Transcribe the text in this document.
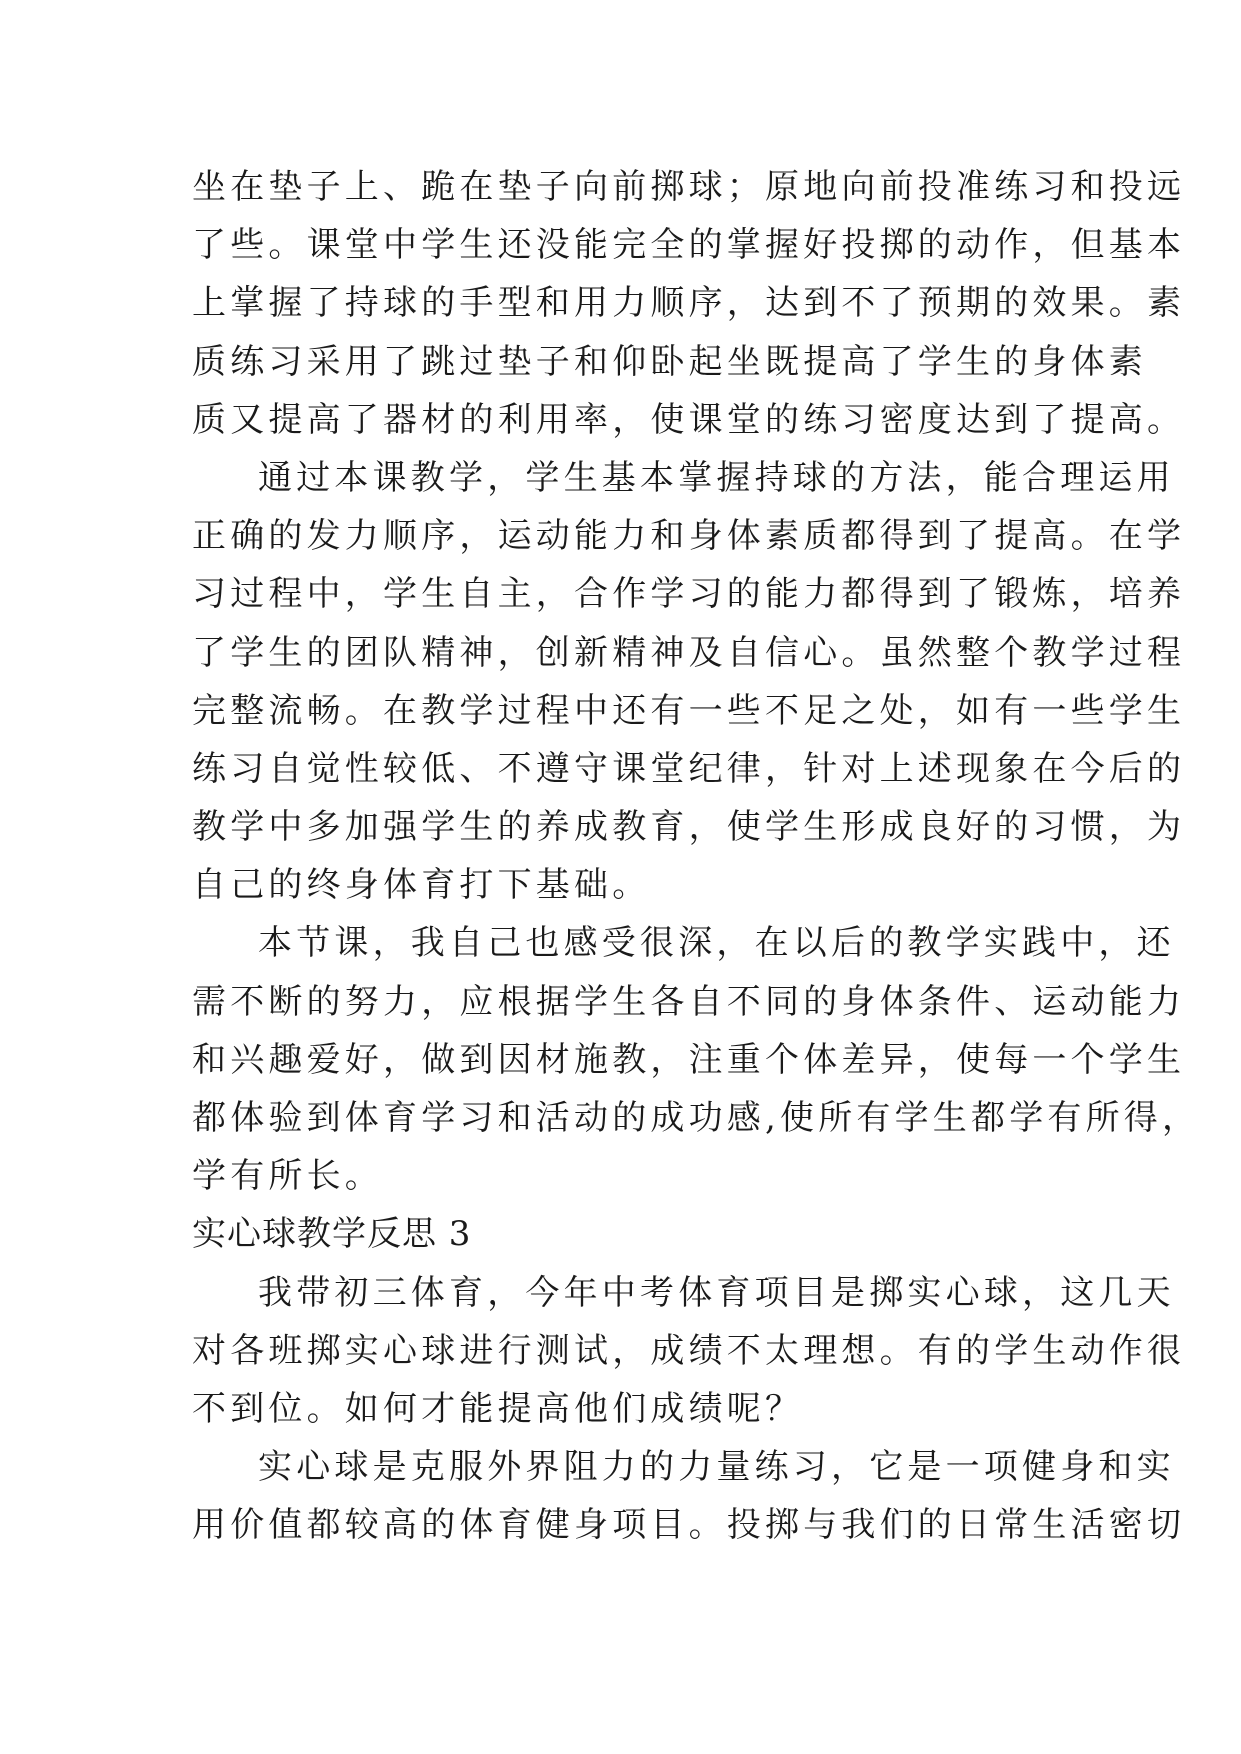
坐在垫子上、跪在垫子向前掷球；原地向前投准练习和投远
了些。课堂中学生还没能完全的掌握好投掷的动作，但基本
上掌握了持球的手型和用力顺序，达到不了预期的效果。素
质练习采用了跳过垫子和仰卧起坐既提高了学生的身体素
质又提高了器材的利用率，使课堂的练习密度达到了提高。
通过本课教学，学生基本掌握持球的方法，能合理运用
正确的发力顺序，运动能力和身体素质都得到了提高。在学
习过程中，学生自主，合作学习的能力都得到了锻炼，培养
了学生的团队精神，创新精神及自信心。虽然整个教学过程
完整流畅。在教学过程中还有一些不足之处，如有一些学生
练习自觉性较低、不遵守课堂纪律，针对上述现象在今后的
教学中多加强学生的养成教育，使学生形成良好的习惯，为
自己的终身体育打下基础。
本节课，我自己也感受很深，在以后的教学实践中，还
需不断的努力，应根据学生各自不同的身体条件、运动能力
和兴趣爱好，做到因材施教，注重个体差异，使每一个学生
都体验到体育学习和活动的成功感,使所有学生都学有所得，
学有所长。
实心球教学反思 3
我带初三体育，今年中考体育项目是掷实心球，这几天
对各班掷实心球进行测试，成绩不太理想。有的学生动作很
不到位。如何才能提高他们成绩呢？
实心球是克服外界阻力的力量练习，它是一项健身和实
用价值都较高的体育健身项目。投掷与我们的日常生活密切
